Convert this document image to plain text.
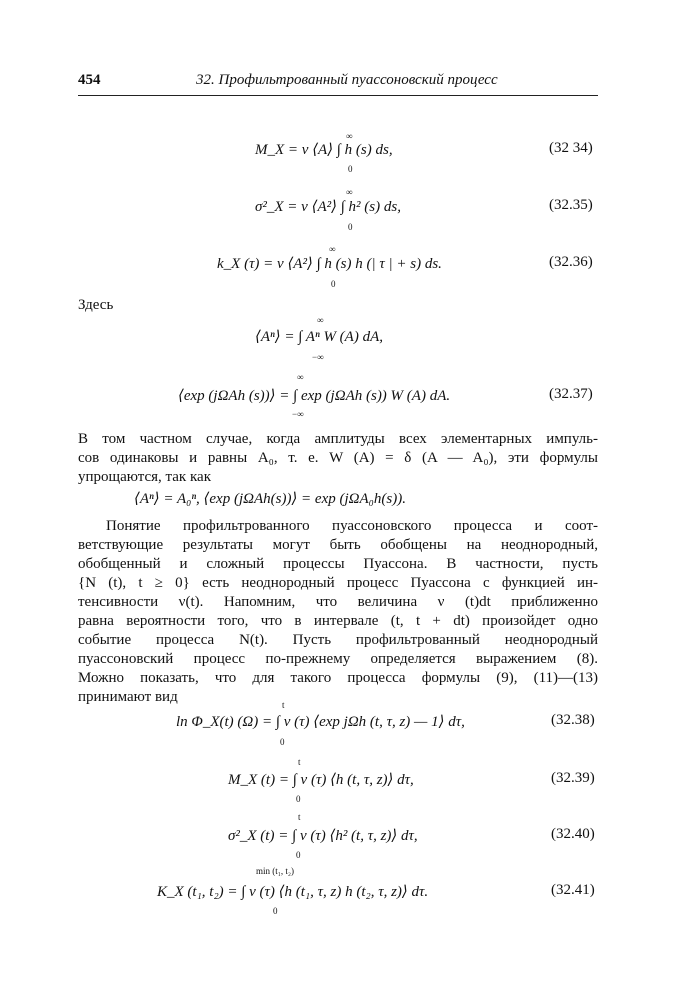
454	32. Профильтрованный пуассоновский процесс
M_X = ν ⟨A⟩ ∫ h (s) ds,
∞
0
(32 34)
σ²_X = ν ⟨A²⟩ ∫ h² (s) ds,
∞
0
(32.35)
k_X (τ) = ν ⟨A²⟩ ∫ h (s) h (| τ | + s) ds.
∞
0
(32.36)
Здесь
⟨Aⁿ⟩ = ∫ Aⁿ W (A) dA,
∞
−∞
⟨exp (jΩAh (s))⟩ = ∫ exp (jΩAh (s)) W (A) dA.
∞
−∞
(32.37)
В том частном случае, когда амплитуды всех элементарных импуль-
сов одинаковы и равны A₀, т. е. W (A) = δ (A — A₀), эти формулы
упрощаются, так как
⟨Aⁿ⟩ = A₀ⁿ, ⟨exp (jΩAh(s))⟩ = exp (jΩA₀h(s)).
Понятие профильтрованного пуассоновского процесса и соот-
ветствующие результаты могут быть обобщены на неоднородный,
обобщенный и сложный процессы Пуассона. В частности, пусть
{N (t), t ≥ 0} есть неоднородный процесс Пуассона с функцией ин-
тенсивности ν(t). Напомним, что величина ν (t)dt приближенно
равна вероятности того, что в интервале (t, t + dt) произойдет одно
событие процесса N(t). Пусть профильтрованный неоднородный
пуассоновский процесс по-прежнему определяется выражением (8).
Можно показать, что для такого процесса формулы (9), (11)—(13)
принимают вид
ln Φ_X(t) (Ω) = ∫ ν (τ) ⟨exp jΩh (t, τ, z) — 1⟩ dτ,
t
0
(32.38)
M_X (t) = ∫ ν (τ) ⟨h (t, τ, z)⟩ dτ,
t
0
(32.39)
σ²_X (t) = ∫ ν (τ) ⟨h² (t, τ, z)⟩ dτ,
t
0
(32.40)
K_X (t₁, t₂) = ∫ ν (τ) ⟨h (t₁, τ, z) h (t₂, τ, z)⟩ dτ.
min (t₁, t₂)
0
(32.41)
